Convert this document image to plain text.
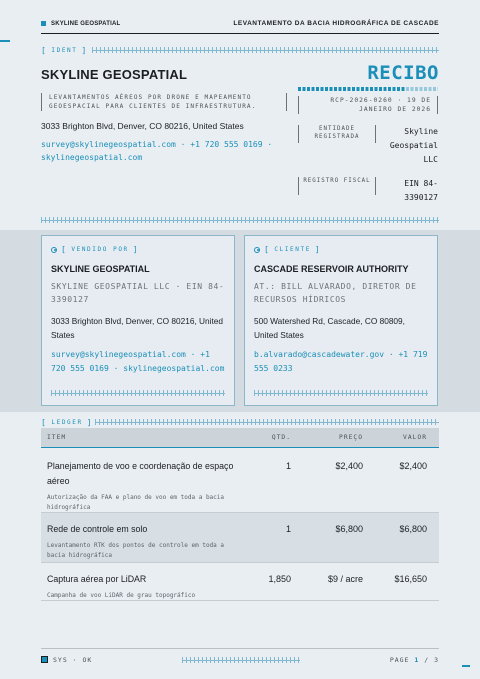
SKYLINE GEOSPATIAL	LEVANTAMENTO DA BACIA HIDROGRÁFICA DE CASCADE
[ IDENT ]
SKYLINE GEOSPATIAL
LEVANTAMENTOS AÉREOS POR DRONE E MAPEAMENTO GEOESPACIAL PARA CLIENTES DE INFRAESTRUTURA.
3033 Brighton Blvd, Denver, CO 80216, United States
survey@skylinegeospatial.com · +1 720 555 0169 · skylinegeospatial.com
RECIBO
RCP-2026-0260 · 19 DE JANEIRO DE 2026
ENTIDADE REGISTRADA
Skyline Geospatial LLC
REGISTRO FISCAL	EIN 84-3390127
[ VENDIDO POR ]
SKYLINE GEOSPATIAL
SKYLINE GEOSPATIAL LLC · EIN 84-3390127
3033 Brighton Blvd, Denver, CO 80216, United States
survey@skylinegeospatial.com · +1 720 555 0169 · skylinegeospatial.com
[ CLIENTE ]
CASCADE RESERVOIR AUTHORITY
AT.: BILL ALVARADO, DIRETOR DE RECURSOS HÍDRICOS
500 Watershed Rd, Cascade, CO 80809, United States
b.alvarado@cascadewater.gov · +1 719 555 0233
[ LEDGER ]
ITEM	QTD.	PREÇO	VALOR
Planejamento de voo e coordenação de espaço aéreo
Autorização da FAA e plano de voo em toda a bacia hidrográfica
1	$2,400	$2,400
Rede de controle em solo
Levantamento RTK dos pontos de controle em toda a bacia hidrográfica
1	$6,800	$6,800
Captura aérea por LiDAR
Campanha de voo LiDAR de grau topográfico
1,850	$9 / acre	$16,650
SYS · OK	PAGE 1 / 3
